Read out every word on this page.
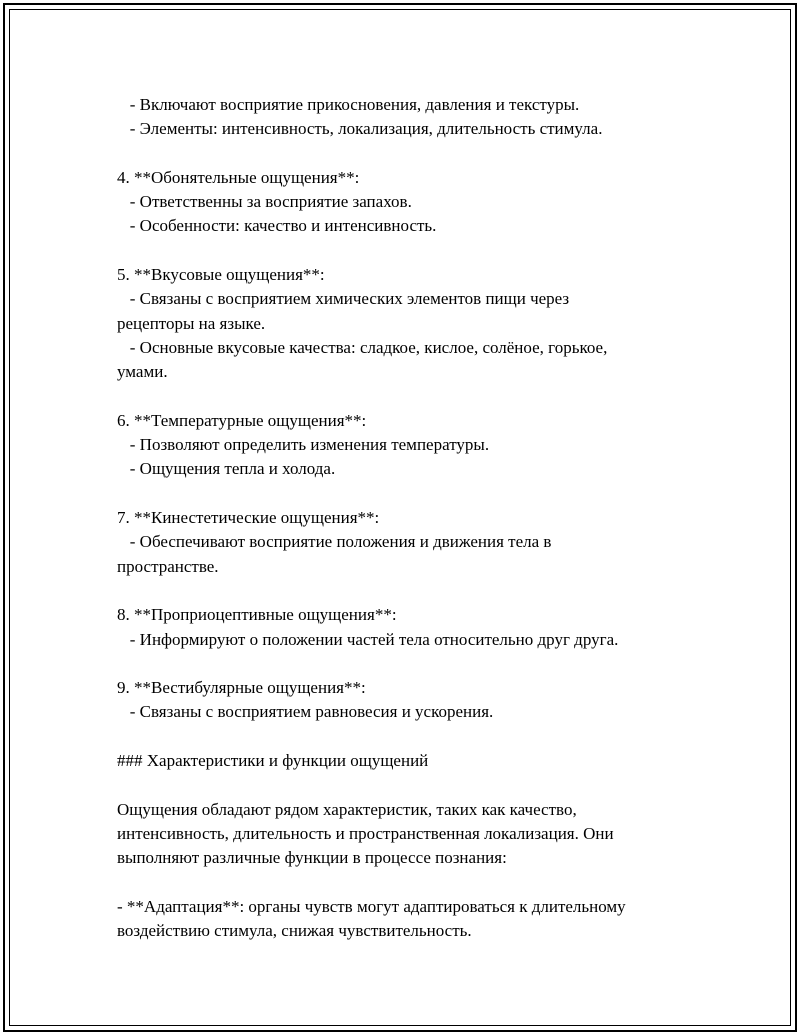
- Включают восприятие прикосновения, давления и текстуры.

- Элементы: интенсивность, локализация, длительность стимула.

4. **Обонятельные ощущения**:

- Ответственны за восприятие запахов.

- Особенности: качество и интенсивность.

5. **Вкусовые ощущения**:

- Связаны с восприятием химических элементов пищи через

рецепторы на языке.

- Основные вкусовые качества: сладкое, кислое, солёное, горькое,

умами.

6. **Температурные ощущения**:

- Позволяют определить изменения температуры.

- Ощущения тепла и холода.

7. **Кинестетические ощущения**:

- Обеспечивают восприятие положения и движения тела в

пространстве.

8. **Проприоцептивные ощущения**:

- Информируют о положении частей тела относительно друг друга.

9. **Вестибулярные ощущения**:

- Связаны с восприятием равновесия и ускорения.

### Характеристики и функции ощущений

Ощущения обладают рядом характеристик, таких как качество,

интенсивность, длительность и пространственная локализация. Они

выполняют различные функции в процессе познания:

- **Адаптация**: органы чувств могут адаптироваться к длительному

воздействию стимула, снижая чувствительность.
